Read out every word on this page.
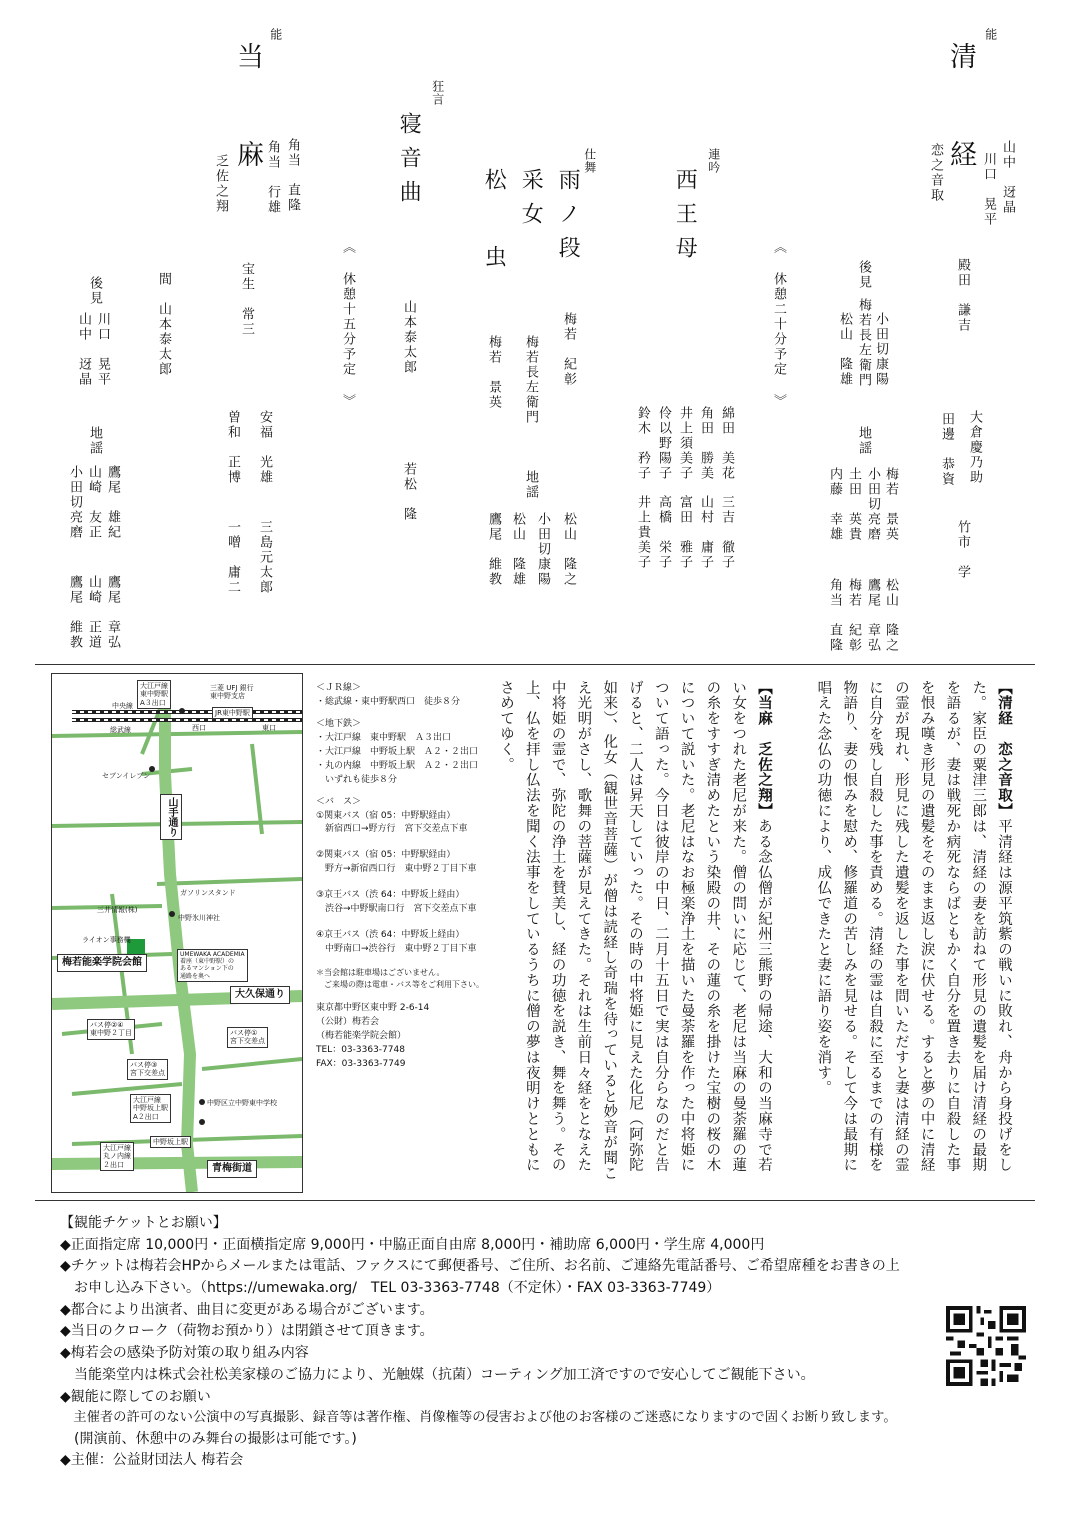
能
清
経 山中　迓晶
川口　晃平
恋之音取
殿田　謙吉
大倉慶乃助
田邊　恭資
竹市　学
後見
小田切康陽
梅若長左衛門
松山　隆雄
地謡
梅若　景英
小田切亮磨
土田　英貴
内藤　幸雄
松山　隆之
鷹尾　章弘
梅若　紀彰
角当　直隆
《 休憩二十分予定 》
連吟
西王母
綿田　美花
角田　勝美
井上須美子
伶以野陽子
鈴木　矜子
三吉　徹子
山村　庸子
富田　雅子
高橋　栄子
井上貴美子
仕舞
雨ノ段
采女
松

虫
梅若　紀彰
梅若長左衛門
梅若　景英
地謡
松山　隆之
小田切康陽
松山　隆雄
鷹尾　維教
狂言
寝音曲
山本泰太郎
若松　隆
《 休憩十五分予定 》
能
当
麻 角当　直隆
角当　行雄
乏佐之翔
宝生　常三
間　山本泰太郎
安福　光雄
曽和　正博
三島元太郎
一噌　庸二
後見
川口　晃平
山中　迓晶
地謡
鷹尾　雄紀
山崎　友正
小田切亮磨
鷹尾　章弘
山崎　正道
鷹尾　維教
【清経　恋之音取】平清経は源平筑紫の戦いに敗れ、舟から身投げをした。家臣の粟津三郎は、清経の妻を訪ねて形見の遺髪を届け清経の最期を語るが、妻は戦死か病死ならばともかく自分を置き去りに自殺した事を恨み嘆き形見の遺髪をそのまま返し涙に伏せる。すると夢の中に清経の霊が現れ、形見に残した遺髪を返した事を問いただすと妻は清経の霊に自分を残し自殺した事を責める。清経の霊は自殺に至るまでの有様を物語り、妻の恨みを慰め、修羅道の苦しみを見せる。そして今は最期に唱えた念仏の功徳により、成仏できたと妻に語り姿を消す。
【当麻　乏佐之翔】ある念仏僧が紀州三熊野の帰途、大和の当麻寺で若い女をつれた老尼が来た。僧の問いに応じて、老尼は当麻の曼荼羅の蓮の糸をすすぎ清めたという染殿の井、その蓮の糸を掛けた宝樹の桜の木について説いた。老尼はなお極楽浄土を描いた曼荼羅を作った中将姫について語った。今日は彼岸の中日、二月十五日で実は自分らなのだと告げると、二人は昇天していった。その時の中将姫に見えた化尼（阿弥陀如来）、化女（観世音菩薩）が僧は読経し奇瑞を待っていると妙音が聞こえ光明がさし、歌舞の菩薩が見えてきた。それは生前日々経をとなえた中将姫の霊で、弥陀の浄土を賛美し、経の功徳を説き、舞を舞う。その上、仏を拝し仏法を聞く法事をしているうちに僧の夢は夜明けとともにさめてゆく。
大江戸線
東中野駅
A３出口
三菱 UFJ 銀行
東中野支店
中央線
総武線
JR東中野駅
西口	東口
セブンイレブン
山手通り
ガソリンスタンド
三井情報(株)
中野氷川神社
ライオン事務機
UMEWAKA ACADEMIA
着座（東中野駅）の
あるマンション下の
通路を奥へ
梅若能楽学院会館
大久保通り
バス停②④
東中野２丁目	バス停①
宮下交差点
バス停③
宮下交差点
大江戸線
中野坂上駅
A２出口
中野区立中野東中学校
大江戸線
丸ノ内線
２出口
中野坂上駅
青梅街道
＜ＪＲ線＞
・総武線・東中野駅西口　徒歩８分
＜地下鉄＞
・大江戸線　東中野駅　Ａ３出口
・大江戸線　中野坂上駅　Ａ２・２出口
・丸の内線　中野坂上駅　Ａ２・２出口
　いずれも徒歩８分
＜バ　ス＞
①関東バス（宿 05：中野駅経由）
　新宿西口→野方行　宮下交差点下車
②関東バス（宿 05：中野駅経由）
　野方→新宿西口行　東中野２丁目下車
③京王バス（渋 64：中野坂上経由）
　渋谷→中野駅南口行　宮下交差点下車
④京王バス（渋 64：中野坂上経由）
　中野南口→渋谷行　東中野２丁目下車
＊当会館は駐車場はございません。
　ご来場の際は電車・バス等をご利用下さい。
東京都中野区東中野 2-6-14
（公財）梅若会
（梅若能楽学院会館）
TEL：03-3363-7748
FAX：03-3363-7749
【観能チケットとお願い】
◆正面指定席 10,000円・正面横指定席 9,000円・中脇正面自由席 8,000円・補助席 6,000円・学生席 4,000円
◆チケットは梅若会HPからメールまたは電話、ファクスにて郵便番号、ご住所、お名前、ご連絡先電話番号、ご希望席種をお書きの上
　お申し込み下さい。（https://umewaka.org/　TEL 03-3363-7748（不定休）・FAX 03-3363-7749）
◆都合により出演者、曲目に変更がある場合がございます。
◆当日のクローク（荷物お預かり）は閉鎖させて頂きます。
◆梅若会の感染予防対策の取り組み内容
　当能楽堂内は株式会社松美家様のご協力により、光触媒（抗菌）コーティング加工済ですので安心してご観能下さい。
◆観能に際してのお願い
　主催者の許可のない公演中の写真撮影、録音等は著作権、肖像権等の侵害および他のお客様のご迷惑になりますので固くお断り致します。
　(開演前、休憩中のみ舞台の撮影は可能です。)
◆主催：公益財団法人 梅若会
